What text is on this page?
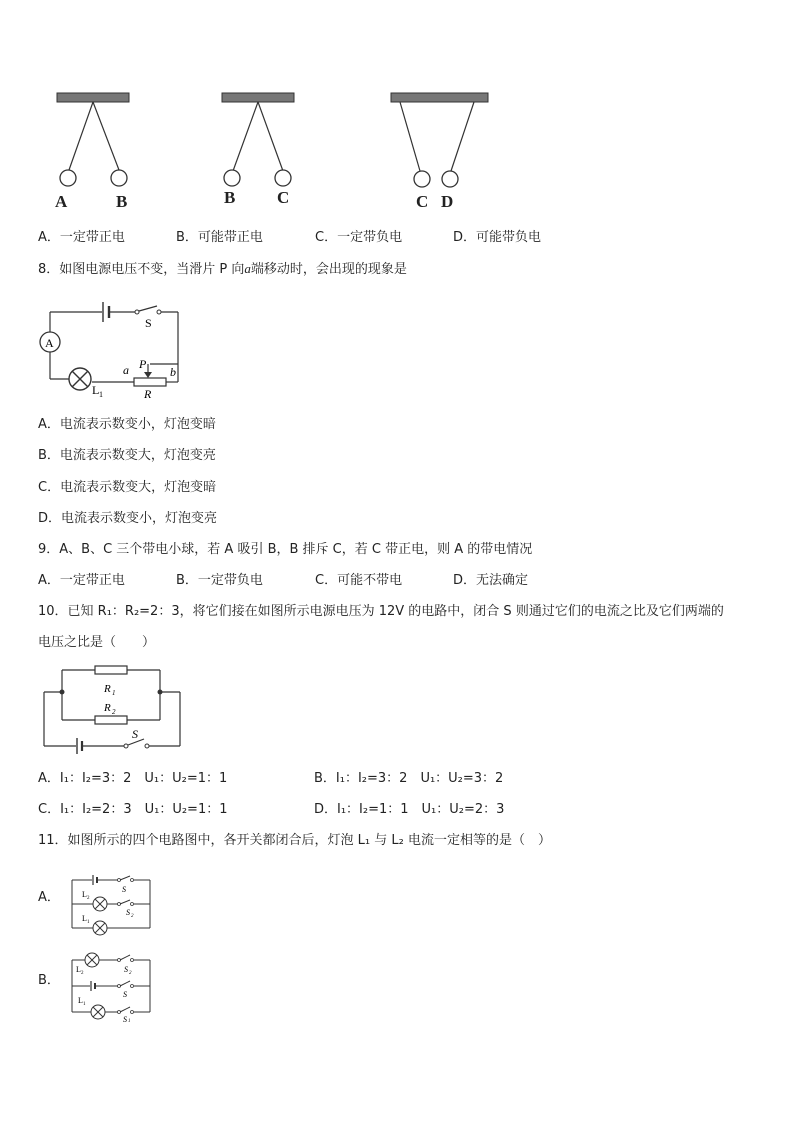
A	B	B C	C D
A．一定带正电	B．可能带正电	C．一定带负电	D．可能带负电
8．如图电源电压不变，当滑片 P 向a端移动时，会出现的现象是
A
S
L 1
a	b
P
R
A．电流表示数变小，灯泡变暗
B．电流表示数变大，灯泡变亮
C．电流表示数变大，灯泡变暗
D．电流表示数变小，灯泡变亮
9．A、B、C 三个带电小球，若 A 吸引 B，B 排斥 C，若 C 带正电，则 A 的带电情况
A．一定带正电	B．一定带负电	C．可能不带电	D．无法确定
10．已知 R₁：R₂=2：3，将它们接在如图所示电源电压为 12V 的电路中，闭合 S 则通过它们的电流之比及它们两端的
电压之比是（　　）
R 1
R 2
S
A．I₁：I₂=3：2　U₁：U₂=1：1	B．I₁：I₂=3：2　U₁：U₂=3：2
C．I₁：I₂=2：3　U₁：U₂=1：1	D．I₁：I₂=1：1　U₁：U₂=2：3
11．如图所示的四个电路图中，各开关都闭合后，灯泡 L₁ 与 L₂ 电流一定相等的是（　）
A．
S
L 2
S 2
L 1
B．
L 2	S 2
S
L 1
S 1
